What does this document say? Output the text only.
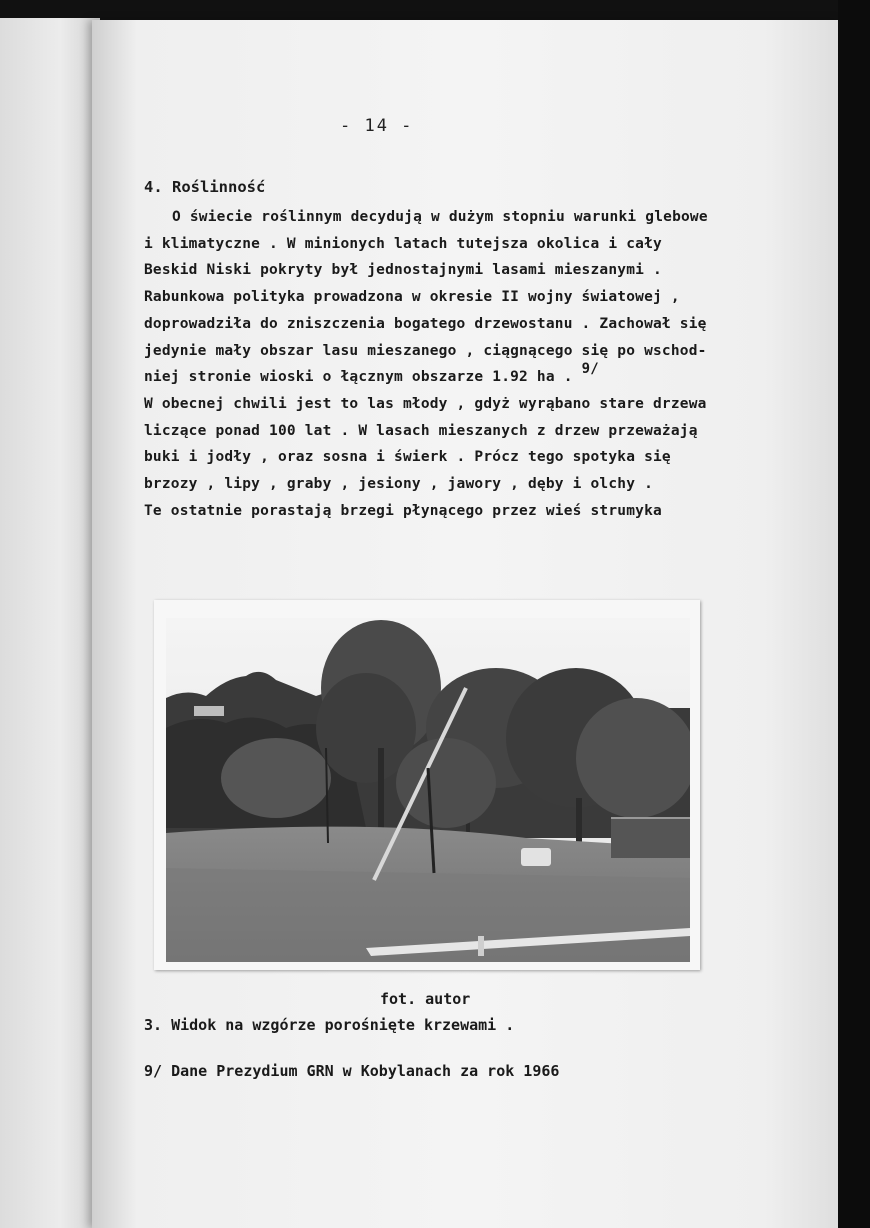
- 14 -
4. Roślinność
O świecie roślinnym decydują w dużym stopniu warunki glebowe
i klimatyczne . W minionych latach tutejsza okolica i cały
Beskid Niski pokryty był jednostajnymi lasami mieszanymi .
Rabunkowa polityka prowadzona w okresie II wojny światowej ,
doprowadziła do zniszczenia bogatego drzewostanu . Zachował się
jedynie mały obszar lasu mieszanego , ciągnącego się po wschod-
niej stronie wioski o łącznym obszarze 1.92 ha . 9/
W obecnej chwili jest to las młody , gdyż wyrąbano stare drzewa
liczące ponad 100 lat . W lasach mieszanych z drzew przeważają
buki i jodły , oraz sosna i świerk . Prócz tego spotyka się
brzozy , lipy , graby , jesiony , jawory , dęby i olchy .
Te ostatnie porastają brzegi płynącego przez wieś strumyka
fot. autor
3. Widok na wzgórze porośnięte krzewami .
9/ Dane Prezydium GRN w Kobylanach za rok 1966
